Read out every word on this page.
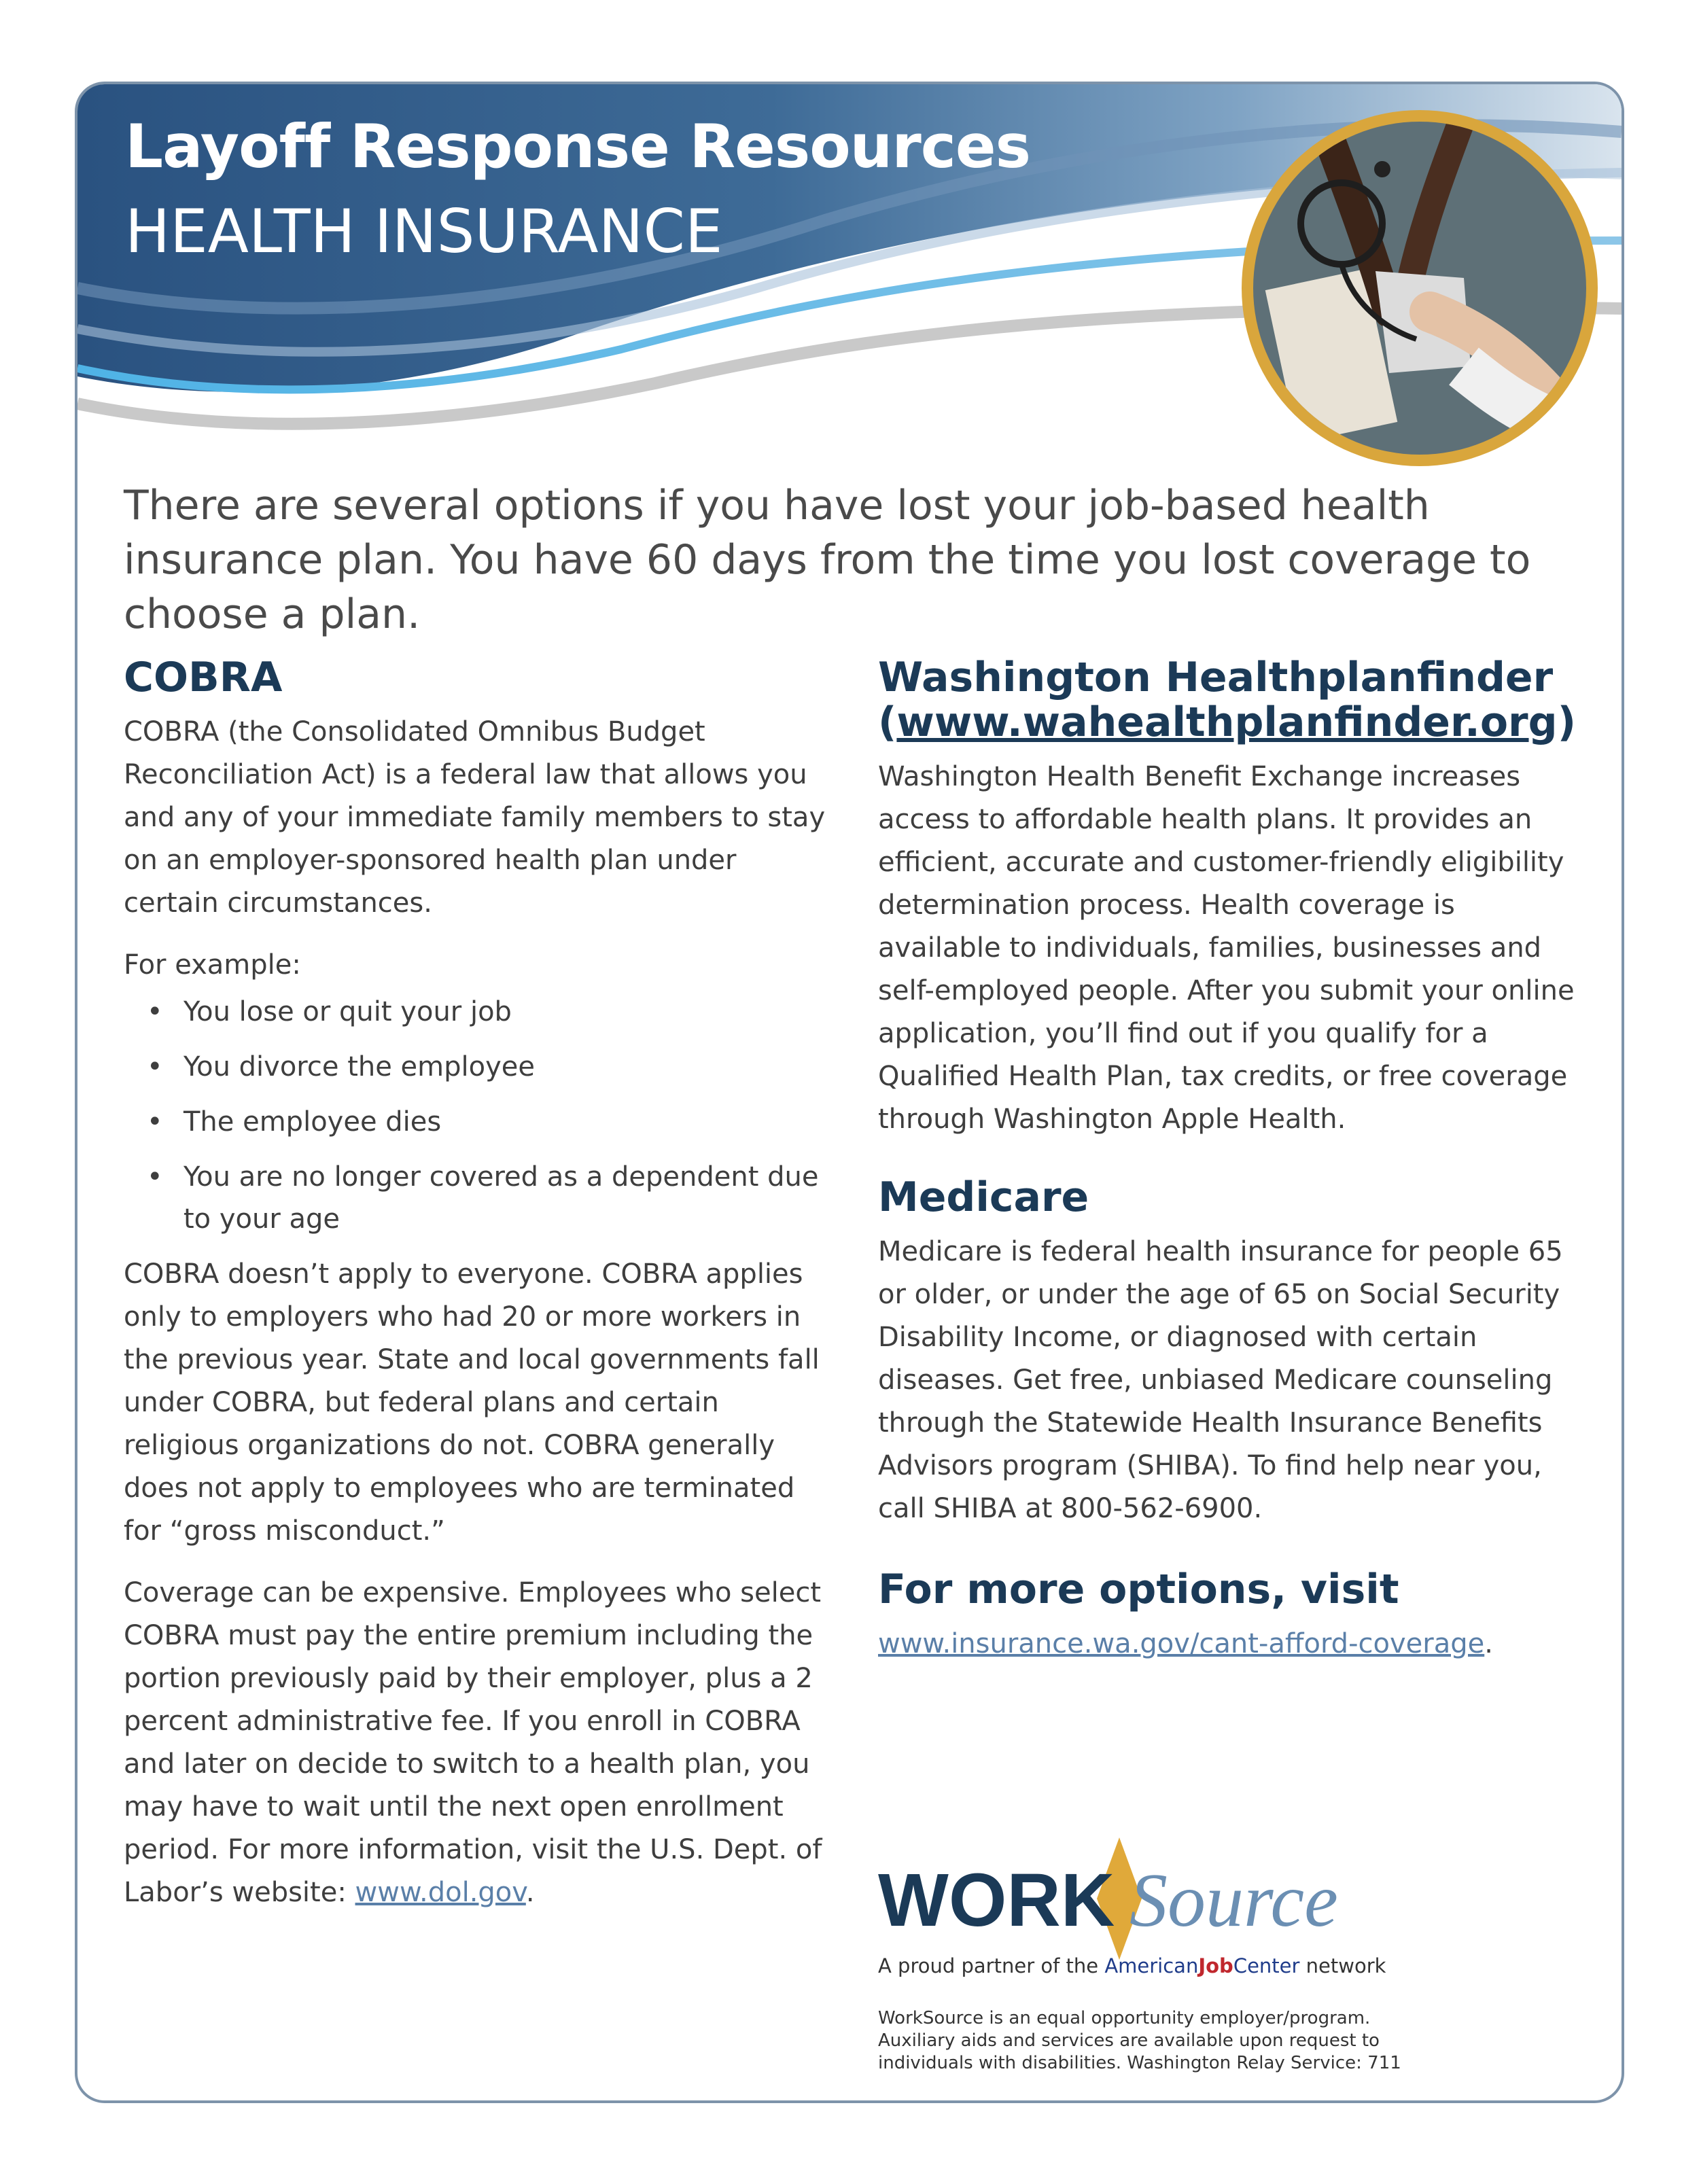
Layoff Response Resources
HEALTH INSURANCE

There are several options if you have lost your job-based health insurance plan. You have 60 days from the time you lost coverage to choose a plan.

COBRA

COBRA (the Consolidated Omnibus Budget Reconciliation Act) is a federal law that allows you and any of your immediate family members to stay on an employer-sponsored health plan under certain circumstances.

For example:

• You lose or quit your job
• You divorce the employee
• The employee dies
• You are no longer covered as a dependent due to your age

COBRA doesn’t apply to everyone. COBRA applies only to employers who had 20 or more workers in the previous year. State and local governments fall under COBRA, but federal plans and certain religious organizations do not. COBRA generally does not apply to employees who are terminated for “gross misconduct.”

Coverage can be expensive. Employees who select COBRA must pay the entire premium including the portion previously paid by their employer, plus a 2 percent administrative fee. If you enroll in COBRA and later on decide to switch to a health plan, you may have to wait until the next open enrollment period. For more information, visit the U.S. Dept. of Labor’s website: www.dol.gov.

Washington Healthplanfinder
(www.wahealthplanfinder.org)

Washington Health Benefit Exchange increases access to affordable health plans. It provides an efficient, accurate and customer-friendly eligibility determination process. Health coverage is available to individuals, families, businesses and self-employed people. After you submit your online application, you’ll find out if you qualify for a Qualified Health Plan, tax credits, or free coverage through Washington Apple Health.

Medicare

Medicare is federal health insurance for people 65 or older, or under the age of 65 on Social Security Disability Income, or diagnosed with certain diseases. Get free, unbiased Medicare counseling through the Statewide Health Insurance Benefits Advisors program (SHIBA). To find help near you, call SHIBA at 800-562-6900.

For more options, visit

www.insurance.wa.gov/cant-afford-coverage.

WORK Source
A proud partner of the AmericanJobCenter network
WorkSource is an equal opportunity employer/program.
Auxiliary aids and services are available upon request to
individuals with disabilities. Washington Relay Service: 711
